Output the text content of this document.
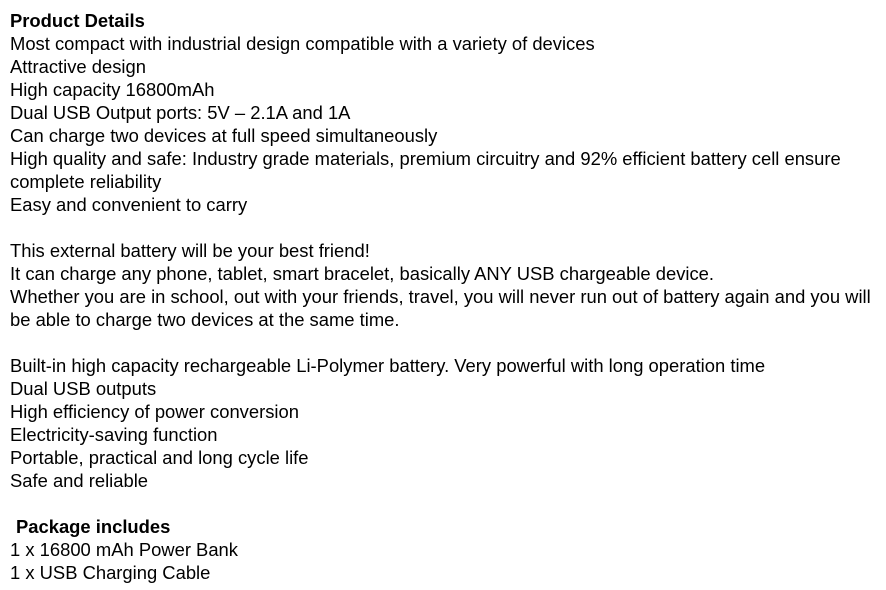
Product Details
Most compact with industrial design compatible with a variety of devices
Attractive design
High capacity 16800mAh
Dual USB Output ports: 5V – 2.1A and 1A
Can charge two devices at full speed simultaneously
High quality and safe: Industry grade materials, premium circuitry and 92% efficient battery cell ensure complete reliability
Easy and convenient to carry
This external battery will be your best friend!
It can charge any phone, tablet, smart bracelet, basically ANY USB chargeable device.
Whether you are in school, out with your friends, travel, you will never run out of battery again and you will be able to charge two devices at the same time.
Built-in high capacity rechargeable Li-Polymer battery. Very powerful with long operation time
Dual USB outputs
High efficiency of power conversion
Electricity-saving function
Portable, practical and long cycle life
Safe and reliable
Package includes
1 x 16800 mAh Power Bank
1 x USB Charging Cable
